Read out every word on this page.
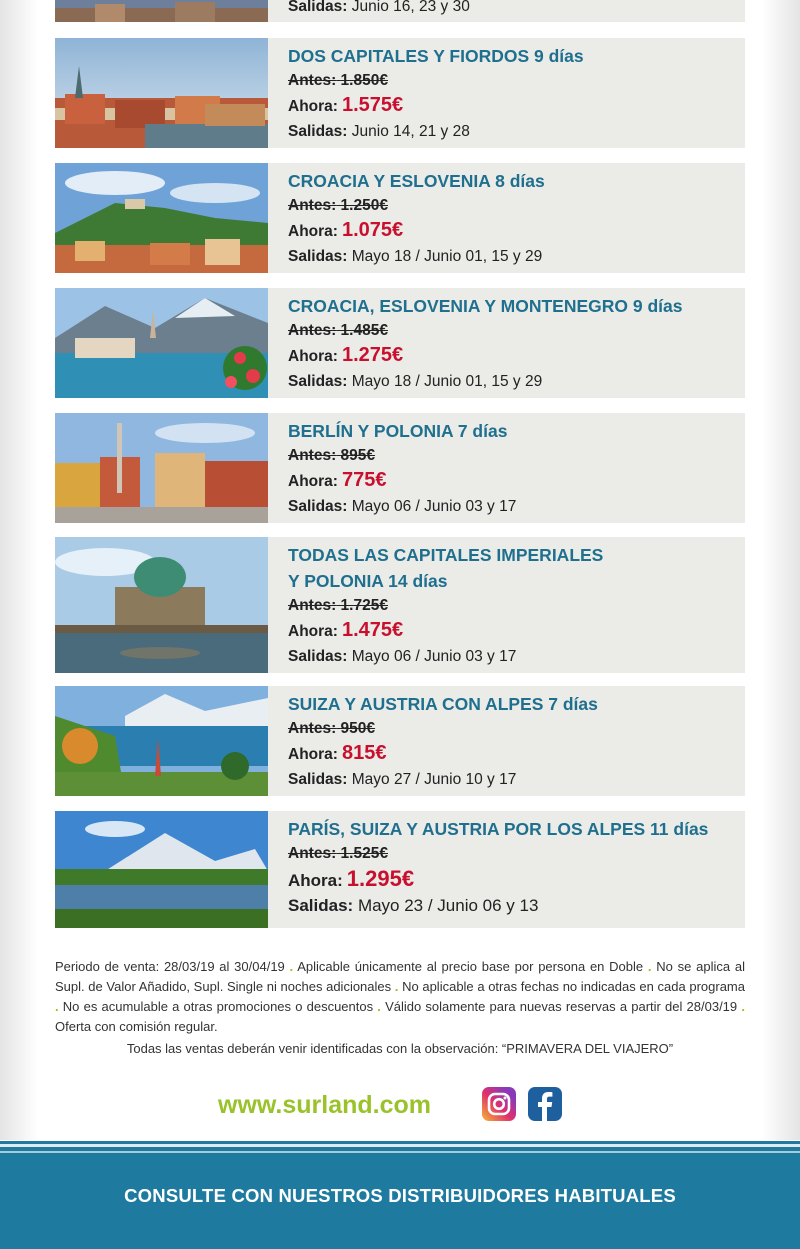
Salidas: Junio 16, 23 y 30
DOS CAPITALES Y FIORDOS 9 días
Antes: 1.850€
Ahora: 1.575€
Salidas: Junio 14, 21 y 28
CROACIA Y ESLOVENIA 8 días
Antes: 1.250€
Ahora: 1.075€
Salidas: Mayo 18 / Junio 01, 15 y 29
CROACIA, ESLOVENIA Y MONTENEGRO 9 días
Antes: 1.485€
Ahora: 1.275€
Salidas: Mayo 18 / Junio 01, 15 y 29
BERLÍN Y POLONIA 7 días
Antes: 895€
Ahora: 775€
Salidas: Mayo 06 / Junio 03 y 17
TODAS LAS CAPITALES IMPERIALES
Y POLONIA 14 días
Antes: 1.725€
Ahora: 1.475€
Salidas: Mayo 06 / Junio 03 y 17
SUIZA Y AUSTRIA CON ALPES 7 días
Antes: 950€
Ahora: 815€
Salidas: Mayo 27 / Junio 10 y 17
PARÍS, SUIZA Y AUSTRIA POR LOS ALPES 11 días
Antes: 1.525€
Ahora: 1.295€
Salidas: Mayo 23 / Junio 06 y 13
Periodo de venta: 28/03/19 al 30/04/19 . Aplicable únicamente al precio base por persona en Doble . No se aplica al Supl. de Valor Añadido, Supl. Single ni noches adicionales . No aplicable a otras fechas no indicadas en cada programa . No es acumulable a otras promociones o descuentos . Válido solamente para nuevas reservas a partir del 28/03/19 . Oferta con comisión regular.
Todas las ventas deberán venir identificadas con la observación: “PRIMAVERA DEL VIAJERO”
www.surland.com
CONSULTE CON NUESTROS DISTRIBUIDORES HABITUALES
